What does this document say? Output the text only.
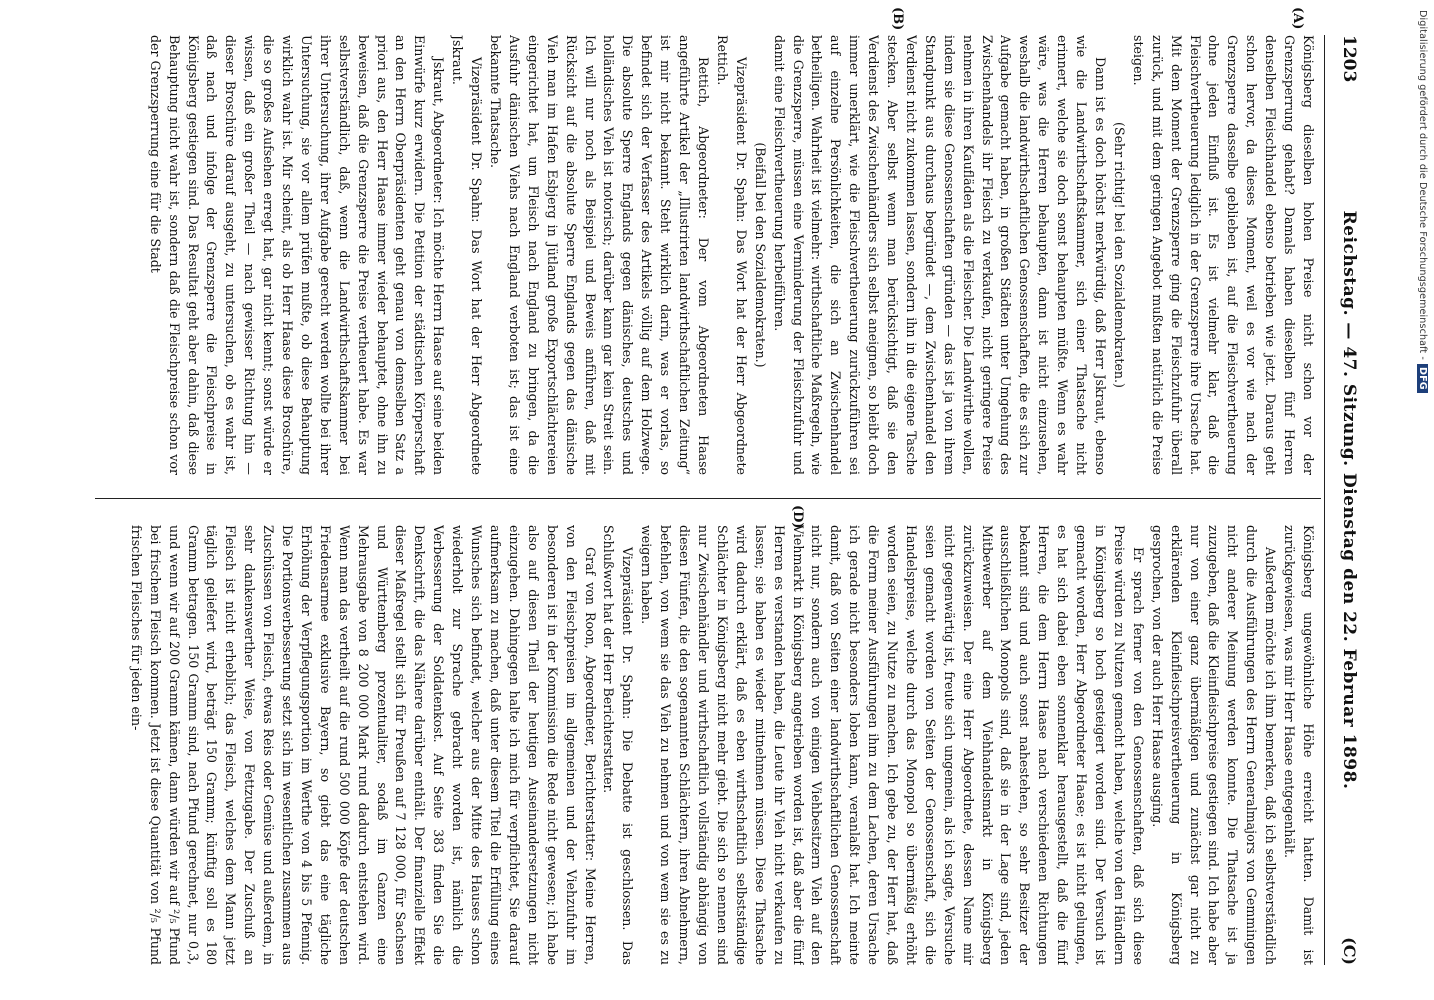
1203
Reichstag. — 47. Sitzung. Dienstag den 22. Februar 1898.
(C)
(A)
(B)
(D)

Königsberg dieselben hohen Preise nicht schon vor der Grenzsperrung gehabt? Damals haben dieselben fünf Herren denselben Fleischhandel ebenso betrieben wie jetzt. Daraus geht schon hervor, da dieses Moment, weil es vor wie nach der Grenzsperre dasselbe geblieben ist, auf die Fleischvertheuerung ohne jeden Einfluß ist. Es ist vielmehr klar, daß die Fleischvertheuerung lediglich in der Grenzsperre ihre Ursache hat. Mit dem Moment der Grenzsperre ging die Fleischzufuhr überall zurück, und mit dem geringen Angebot mußten natürlich die Preise steigen.

(Sehr richtig! bei den Sozialdemokraten.)

Dann ist es doch höchst merkwürdig, daß Herr Jskraut, ebenso wie die Landwirthschaftskammer, sich einer Thatsache nicht erinnert, welche sie doch sonst behaupten müßte. Wenn es wahr wäre, was die Herren behaupten, dann ist nicht einzusehen, weshalb die landwirthschaftlichen Genossenschaften, die es sich zur Aufgabe gemacht haben, in großen Städten unter Umgehung des Zwischenhandels ihr Fleisch zu verkaufen, nicht geringere Preise nehmen in ihren Kaufläden als die Fleischer. Die Landwirthe wollen, indem sie diese Genossenschaften gründen — das ist ja von ihrem Standpunkt aus durchaus begründet —, dem Zwischenhandel den Verdienst nicht zukommen lassen, sondern ihn in die eigene Tasche stecken. Aber selbst wenn man berücksichtigt, daß sie den Verdienst des Zwischenhändlers sich selbst aneignen, so bleibt doch immer unerklärt, wie die Fleischvertheuerung zurückzuführen sei auf einzelne Persönlichkeiten, die sich an Zwischenhandel betheiligen. Wahrheit ist vielmehr: wirthschaftliche Maßregeln, wie die Grenzsperre, müssen eine Verminderung der Fleischzufuhr und damit eine Fleischvertheuerung herbeiführen.

(Beifall bei den Sozialdemokraten.)

Vizepräsident Dr. Spahn: Das Wort hat der Herr Abgeordnete Rettich.

Rettich, Abgeordneter: Der vom Abgeordneten Haase angeführte Artikel der „Illustrirten landwirthschaftlichen Zeitung“ ist mir nicht bekannt. Steht wirklich darin, was er vorlas, so befindet sich der Verfasser des Artikels völlig auf dem Holzwege. Die absolute Sperre Englands gegen dänisches, deutsches und holländisches Vieh ist notorisch; darüber kann gar kein Streit sein. Ich will nur noch als Beispiel und Beweis anführen, daß mit Rücksicht auf die absolute Sperre Englands gegen das dänische Vieh man im Hafen Esbjerg in Jütland große Exportschlächtereien eingerichtet hat, um Fleisch nach England zu bringen, da die Ausfuhr dänischen Viehs nach England verboten ist; das ist eine bekannte Thatsache.

Vizepräsident Dr. Spahn: Das Wort hat der Herr Abgeordnete Jskraut.

Jskraut, Abgeordneter: Ich möchte Herrn Haase auf seine beiden Einwürfe kurz erwidern. Die Petition der städtischen Körperschaft an den Herrn Oberpräsidenten geht genau von demselben Satz a priori aus, den Herr Haase immer wieder behauptet, ohne ihn zu beweisen, daß die Grenzsperre die Preise vertheuert habe. Es war selbstverständlich, daß, wenn die Landwirthschaftskammer bei ihrer Untersuchung, ihrer Aufgabe gerecht werden wollte bei ihrer Untersuchung, sie vor allem prüfen mußte, ob diese Behauptung wirklich wahr ist. Mir scheint, als ob Herr Haase diese Broschüre, die so großes Aufsehen erregt hat, gar nicht kennt; sonst würde er wissen, daß ein großer Theil — nach gewisser Richtung hin — dieser Broschüre darauf ausgeht, zu untersuchen, ob es wahr ist, daß nach und infolge der Grenzsperre die Fleischpreise in Königsberg gestiegen sind. Das Resultat geht aber dahin, daß diese Behauptung nicht wahr ist, sondern daß die Fleischpreise schon vor der Grenzsperrung eine für die Stadt

Königsberg ungewöhnliche Höhe erreicht hatten. Damit ist zurückgewiesen, was mir Herr Haase entgegenhält.

Außerdem möchte ich ihm bemerken, daß ich selbstverständlich durch die Ausführungen des Herrn Generalmajors von Gemmingen nicht anderer Meinung werden konnte. Die Thatsache ist ja zuzugeben, daß die Kleinfleischpreise gestiegen sind. Ich habe aber nur von einer ganz übermäßigen und zunächst gar nicht zu erklärenden Kleinfleischpreisvertheuerung in Königsberg gesprochen, von der auch Herr Haase ausging.

Er sprach ferner von den Genossenschaften, daß sich diese Preise würden zu Nutzen gemacht haben, welche von den Händlern in Königsberg so hoch gesteigert worden sind. Der Versuch ist gemacht worden, Herr Abgeordneter Haase; es ist nicht gelungen, es hat sich dabei eben sonnenklar herausgestellt, daß die fünf Herren, die dem Herrn Haase nach verschiedenen Richtungen bekannt sind und auch sonst nahestehen, so sehr Besitzer der ausschließlichen Monopols sind, daß sie in der Lage sind, jeden Mitbewerber auf dem Viehhandelsmarkt in Königsberg zurückzuweisen. Der eine Herr Abgeordnete, dessen Name mir nicht gegenwärtig ist, freute sich ungemein, als ich sagte, Versuche seien gemacht worden von Seiten der Genossenschaft, sich die Handelspreise, welche durch das Monopol so übermäßig erhöht worden seien, zu Nutze zu machen. Ich gebe zu, der Herr hat, daß die Form meiner Ausführungen ihm zu dem Lachen, deren Ursache ich gerade nicht besonders loben kann, veranlaßt hat. Ich meinte damit, daß von Seiten einer landwirthschaftlichen Genossenschaft nicht nur, sondern auch von einigen Viehbesitzern Vieh auf den Viehmarkt in Königsberg angetrieben worden ist, daß aber die fünf Herren es verstanden haben, die Leute ihr Vieh nicht verkaufen zu lassen; sie haben es wieder mitnehmen müssen. Diese Thatsache wird dadurch erklärt, daß es eben wirthschaftlich selbstständige Schlächter in Königsberg nicht mehr giebt. Die sich so nennen sind nur Zwischenhändler und wirthschaftlich vollständig abhängig von diesen Fünfen, die den sogenannten Schlächtern, ihren Abnehmern, befehlen, von wem sie das Vieh zu nehmen und von wem sie es zu weigern haben.

Vizepräsident Dr. Spahn: Die Debatte ist geschlossen. Das Schlußwort hat der Herr Berichterstatter.

Graf von Roon, Abgeordneter, Berichterstatter: Meine Herren, von den Fleischpreisen im allgemeinen und der Viehzufuhr im besonderen ist in der Kommission die Rede nicht gewesen; ich habe also auf diesen Theil der heutigen Auseinandersetzungen nicht einzugehen. Dahingegen halte ich mich für verpflichtet, Sie darauf aufmerksam zu machen, daß unter diesem Titel die Erfüllung eines Wunsches sich befindet, welcher aus der Mitte des Hauses schon wiederholt zur Sprache gebracht worden ist, nämlich die Verbesserung der Soldatenkost. Auf Seite 383 finden Sie die Denkschrift, die das Nähere darüber enthält. Der finanzielle Effekt dieser Maßregel stellt sich für Preußen auf 7 128 000, für Sachsen und Württemberg prozentualiter, sodaß im Ganzen eine Mehrausgabe von 8 200 000 Mark rund dadurch entstehen wird. Wenn man das vertheilt auf die rund 500 000 Köpfe der deutschen Friedensarmee exklusive Bayern, so giebt das eine tägliche Erhöhung der Verpflegungsportion im Werthe von 4 bis 5 Pfennig. Die Portionsverbesserung setzt sich im wesentlichen zusammen aus Zuschüssen von Fleisch, etwas Reis oder Gemüse und außerdem, in sehr dankenswerther Weise, von Fettzugabe. Der Zuschuß an Fleisch ist nicht erheblich; das Fleisch, welches dem Mann jetzt täglich geliefert wird, beträgt 150 Gramm; künftig soll es 180 Gramm betragen. 150 Gramm sind, nach Pfund gerechnet, nur 0,3, und wenn wir auf 200 Gramm kämen, dann würden wir auf ²/₅ Pfund bei frischem Fleisch kommen. Jetzt ist diese Quantität von ²/₅ Pfund frischen Fleisches für jeden ein-

Digitalisierung gefördert durch die Deutsche Forschungsgemeinschaft -DFG
